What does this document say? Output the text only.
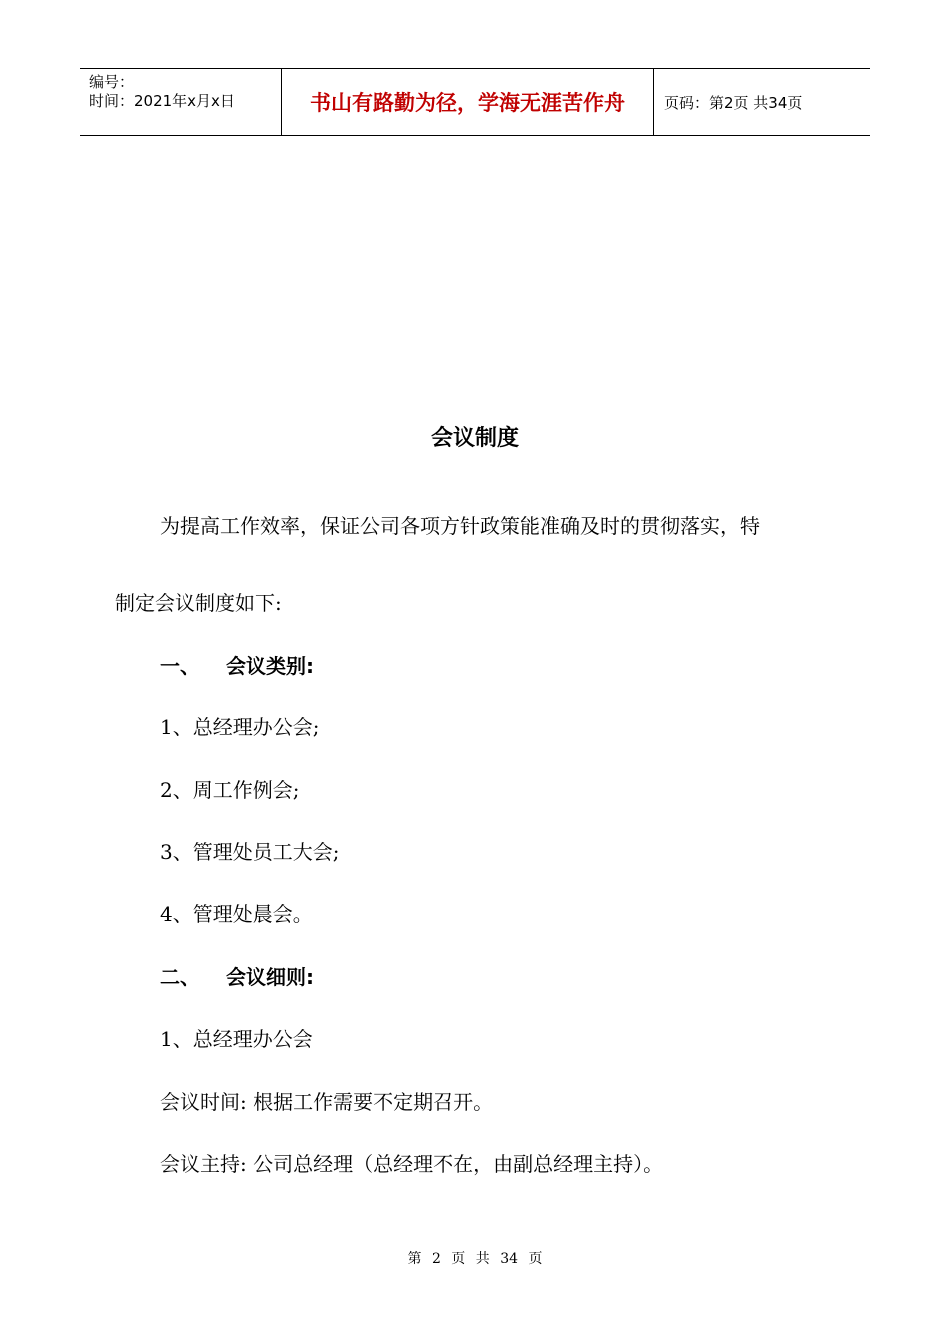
编号：
时间：2021年x月x日	书山有路勤为径，学海无涯苦作舟	页码：第2页 共34页
会议制度
为提高工作效率，保证公司各项方针政策能准确及时的贯彻落实，特
制定会议制度如下:
一、 会议类别:
1、总经理办公会;
2、周工作例会;
3、管理处员工大会;
4、管理处晨会。
二、 会议细则:
1、总经理办公会
会议时间: 根据工作需要不定期召开。
会议主持: 公司总经理（总经理不在，由副总经理主持）。
第 2 页 共 34 页
